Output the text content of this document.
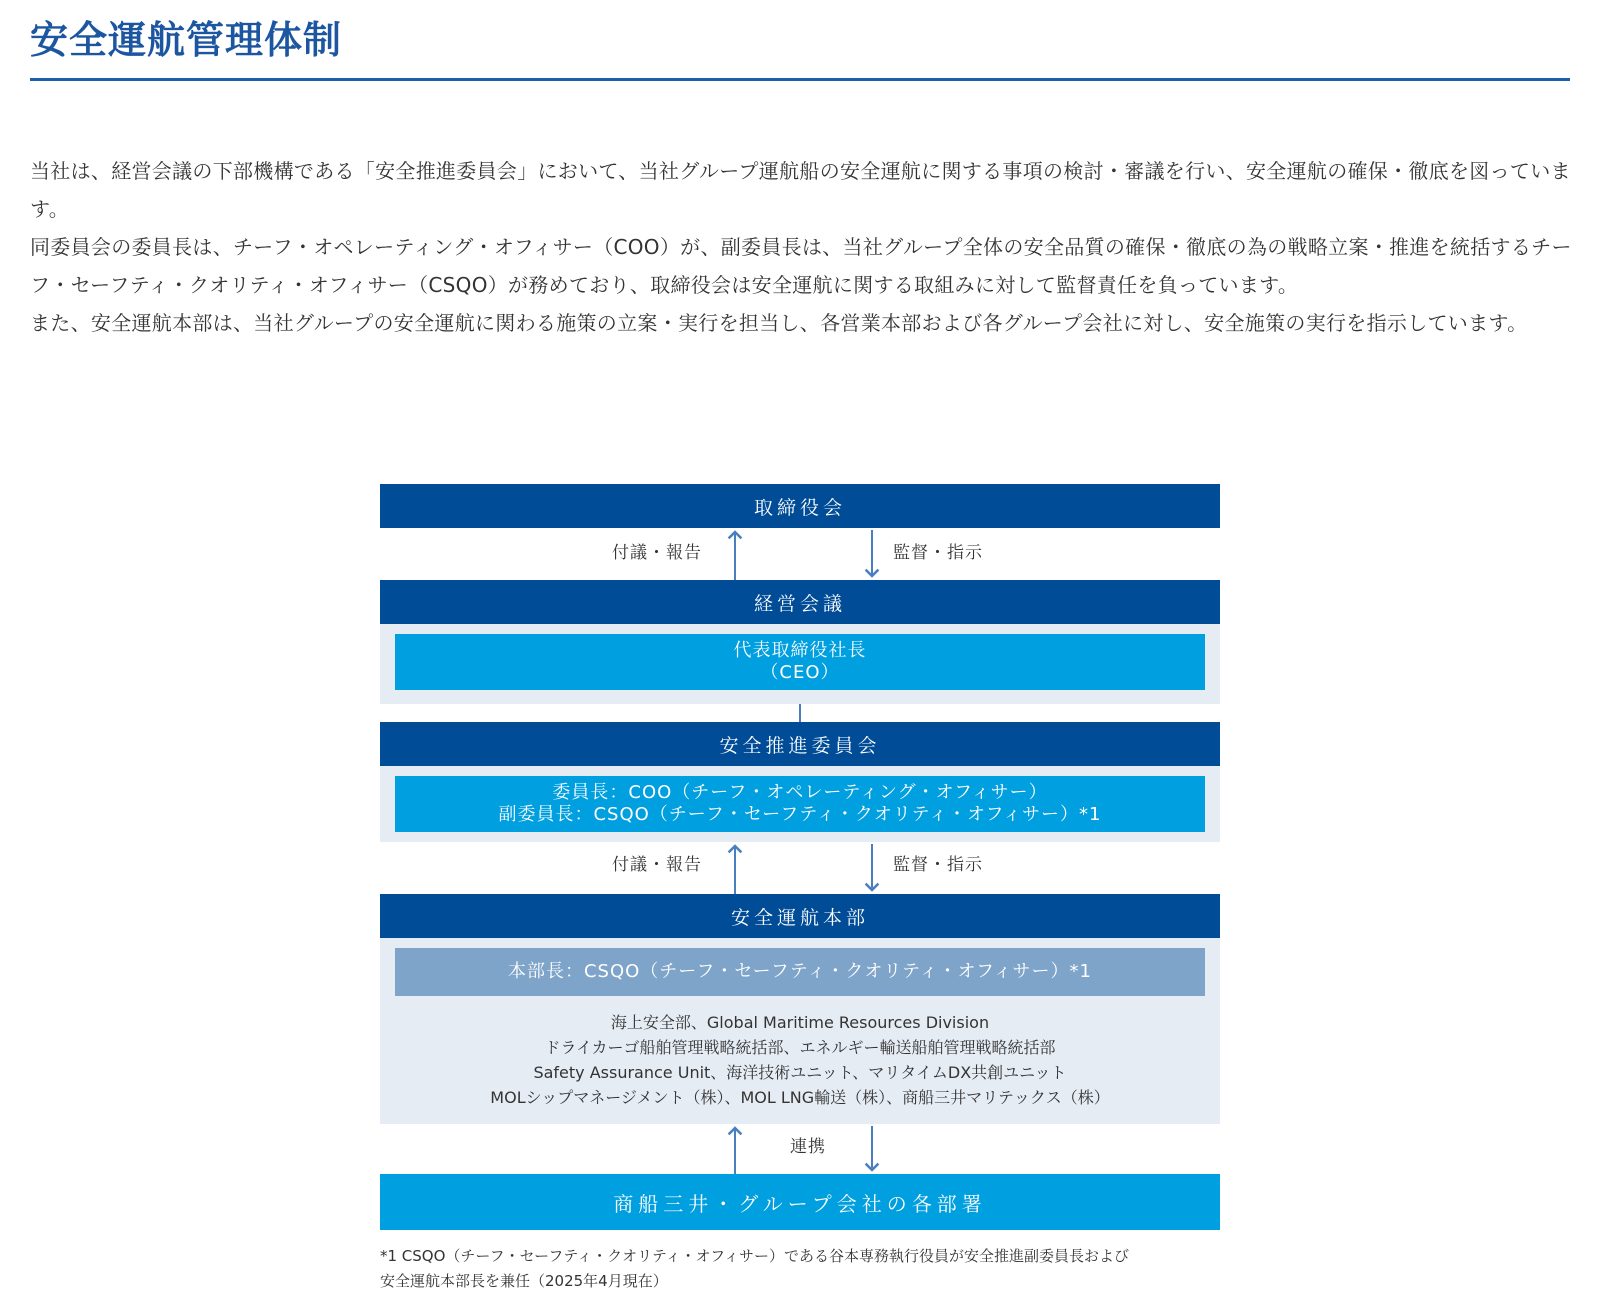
安全運航管理体制

当社は、経営会議の下部機構である「安全推進委員会」において、当社グループ運航船の安全運航に関する事項の検討・審議を行い、安全運航の確保・徹底を図っています。

同委員会の委員長は、チーフ・オペレーティング・オフィサー（COO）が、副委員長は、当社グループ全体の安全品質の確保・徹底の為の戦略立案・推進を統括するチーフ・セーフティ・クオリティ・オフィサー（CSQO）が務めており、取締役会は安全運航に関する取組みに対して監督責任を負っています。

また、安全運航本部は、当社グループの安全運航に関わる施策の立案・実行を担当し、各営業本部および各グループ会社に対し、安全施策の実行を指示しています。

取締役会
付議・報告	監督・指示
経営会議
代表取締役社長
（CEO）
安全推進委員会
委員長：COO（チーフ・オペレーティング・オフィサー）
副委員長：CSQO（チーフ・セーフティ・クオリティ・オフィサー）*1
付議・報告	監督・指示
安全運航本部
本部長：CSQO（チーフ・セーフティ・クオリティ・オフィサー）*1
海上安全部、Global Maritime Resources Division
ドライカーゴ船舶管理戦略統括部、エネルギー輸送船舶管理戦略統括部
Safety Assurance Unit、海洋技術ユニット、マリタイムDX共創ユニット
MOLシップマネージメント（株）、MOL LNG輸送（株）、商船三井マリテックス（株）
連携
商船三井・グループ会社の各部署
*1 CSQO（チーフ・セーフティ・クオリティ・オフィサー）である谷本専務執行役員が安全推進副委員長および
安全運航本部長を兼任（2025年4月現在）
